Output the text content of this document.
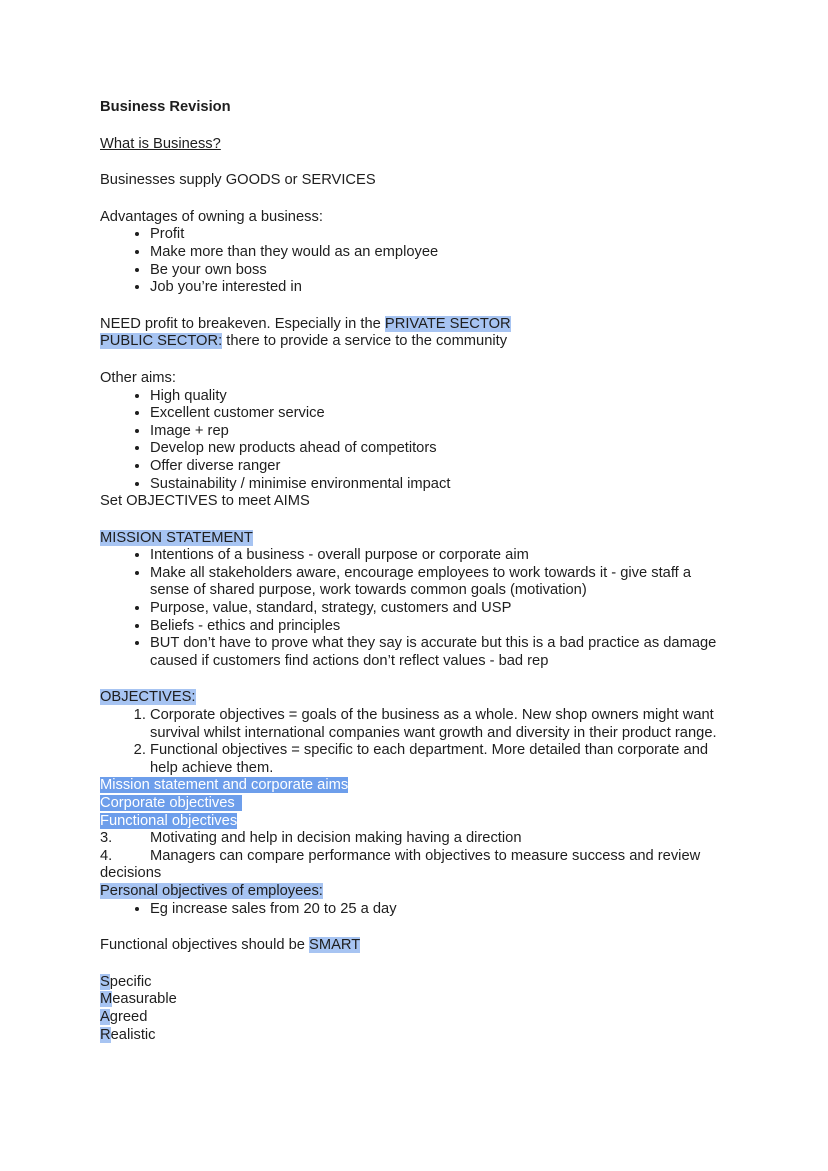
Business Revision
What is Business?
Businesses supply GOODS or SERVICES
Advantages of owning a business:
• Profit
• Make more than they would as an employee
• Be your own boss
• Job you’re interested in
NEED profit to breakeven. Especially in the PRIVATE SECTOR
PUBLIC SECTOR: there to provide a service to the community
Other aims:
• High quality
• Excellent customer service
• Image + rep
• Develop new products ahead of competitors
• Offer diverse ranger
• Sustainability / minimise environmental impact
Set OBJECTIVES to meet AIMS
MISSION STATEMENT
• Intentions of a business - overall purpose or corporate aim
• Make all stakeholders aware, encourage employees to work towards it - give staff a sense of shared purpose, work towards common goals (motivation)
• Purpose, value, standard, strategy, customers and USP
• Beliefs - ethics and principles
• BUT don’t have to prove what they say is accurate but this is a bad practice as damage caused if customers find actions don’t reflect values - bad rep
OBJECTIVES:
1. Corporate objectives = goals of the business as a whole. New shop owners might want survival whilst international companies want growth and diversity in their product range.
2. Functional objectives = specific to each department. More detailed than corporate and help achieve them.
Mission statement and corporate aims
Corporate objectives
Functional objectives
3.	Motivating and help in decision making having a direction
4.	Managers can compare performance with objectives to measure success and review decisions
Personal objectives of employees:
• Eg increase sales from 20 to 25 a day
Functional objectives should be SMART
Specific
Measurable
Agreed
Realistic
